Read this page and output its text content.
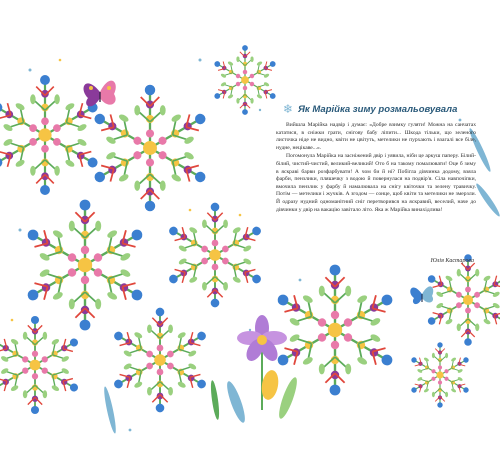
❄ Як Марійка зиму розмальовувала

Вийшла Марійка надвір і думає: «Добре взимку гуляти! Можна на санчатах кататися, в сніжки грати, снігову бабу ліпити... Шкода тільки, що зеленого листочка ніде не видно, квіти не цвітуть, метелики не пурхають і взагалі все біле, нудне, нецікаве...».

Погомонула Марійка на засніжений двір і уявила, ніби це аркуш паперу. Білий-білий, чистий-чистий, великий-великий! Ото б на такому помалювати! Оце б зиму в яскраві барви розфарбувати! А чом би й ні? Побігла дівчинка додому, взяла фарби, пензлики, пляшечку з водою й повернулася на подвір'я. Сіла навпочіпки, вмочила пензлик у фарбу й намалювала на снігу квіточки та зелену травичку. Потім — метелики і жучків. А згодом — сонце, щоб квіти та метелики не змерзли. Й одразу нудний одноманітний сніг перетворився на яскравий, веселий, наче до дівчинки у двір на вакацію завітало літо. Яка ж Марійка винахідлива!

Юлія Кастарова
